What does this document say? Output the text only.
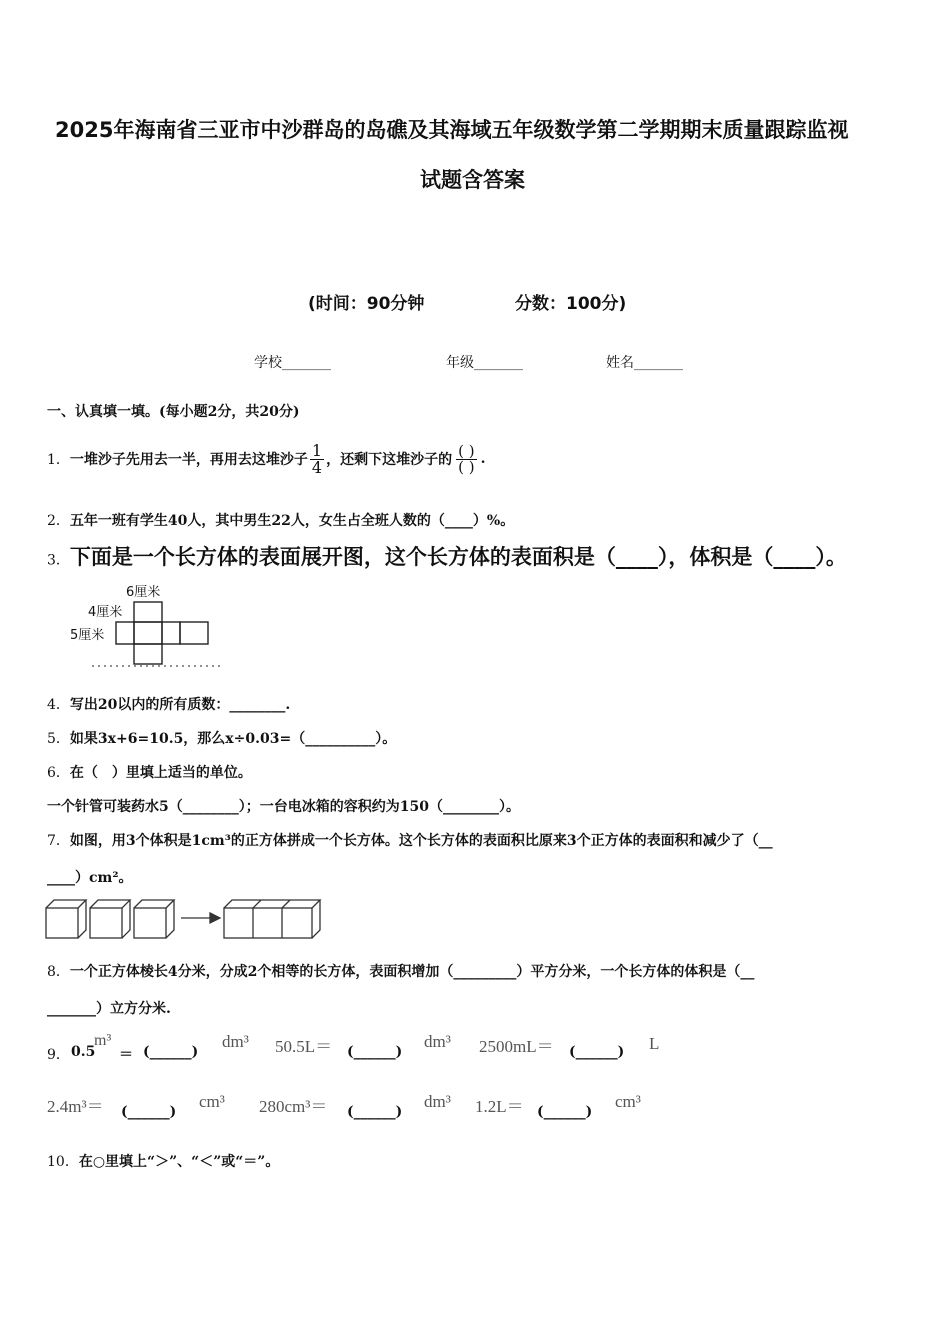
2025年海南省三亚市中沙群岛的岛礁及其海域五年级数学第二学期期末质量跟踪监视
试题含答案
(时间：90分钟	分数：100分)
学校_______	年级_______	姓名_______
一、认真填一填。(每小题2分，共20分)
1． 一堆沙子先用去一半，再用去这堆沙子 $\frac{1}{4}$ ，还剩下这堆沙子的 $\frac{( )}{( )}$ .
2．五年一班有学生40人，其中男生22人，女生占全班人数的（____）%。
3．下面是一个长方体的表面展开图，这个长方体的表面积是（____），体积是（____）。
6厘米
4厘米
5厘米
4．写出20以内的所有质数：________.
5．如果3x+6=10.5，那么x÷0.03=（__________）。
6．在（　）里填上适当的单位。
一个针管可装药水5（________）；一台电冰箱的容积约为150（________）。
7．如图，用3个体积是1cm³的正方体拼成一个长方体。这个长方体的表面积比原来3个正方体的表面积和减少了（__
____）cm²。
8．一个正方体棱长4分米，分成2个相等的长方体，表面积增加（_________）平方分米，一个长方体的体积是（__
_______）立方分米.
9． 0.5
m³
＝ (______)
dm³ 50.5L＝ (______)
dm³ 2500mL＝ (______) L
2.4m³＝ (______)
cm³ 280cm³＝ (______)
dm³ 1.2L＝ (______)
cm³
10．在○里填上“＞”、“＜”或“＝”。
